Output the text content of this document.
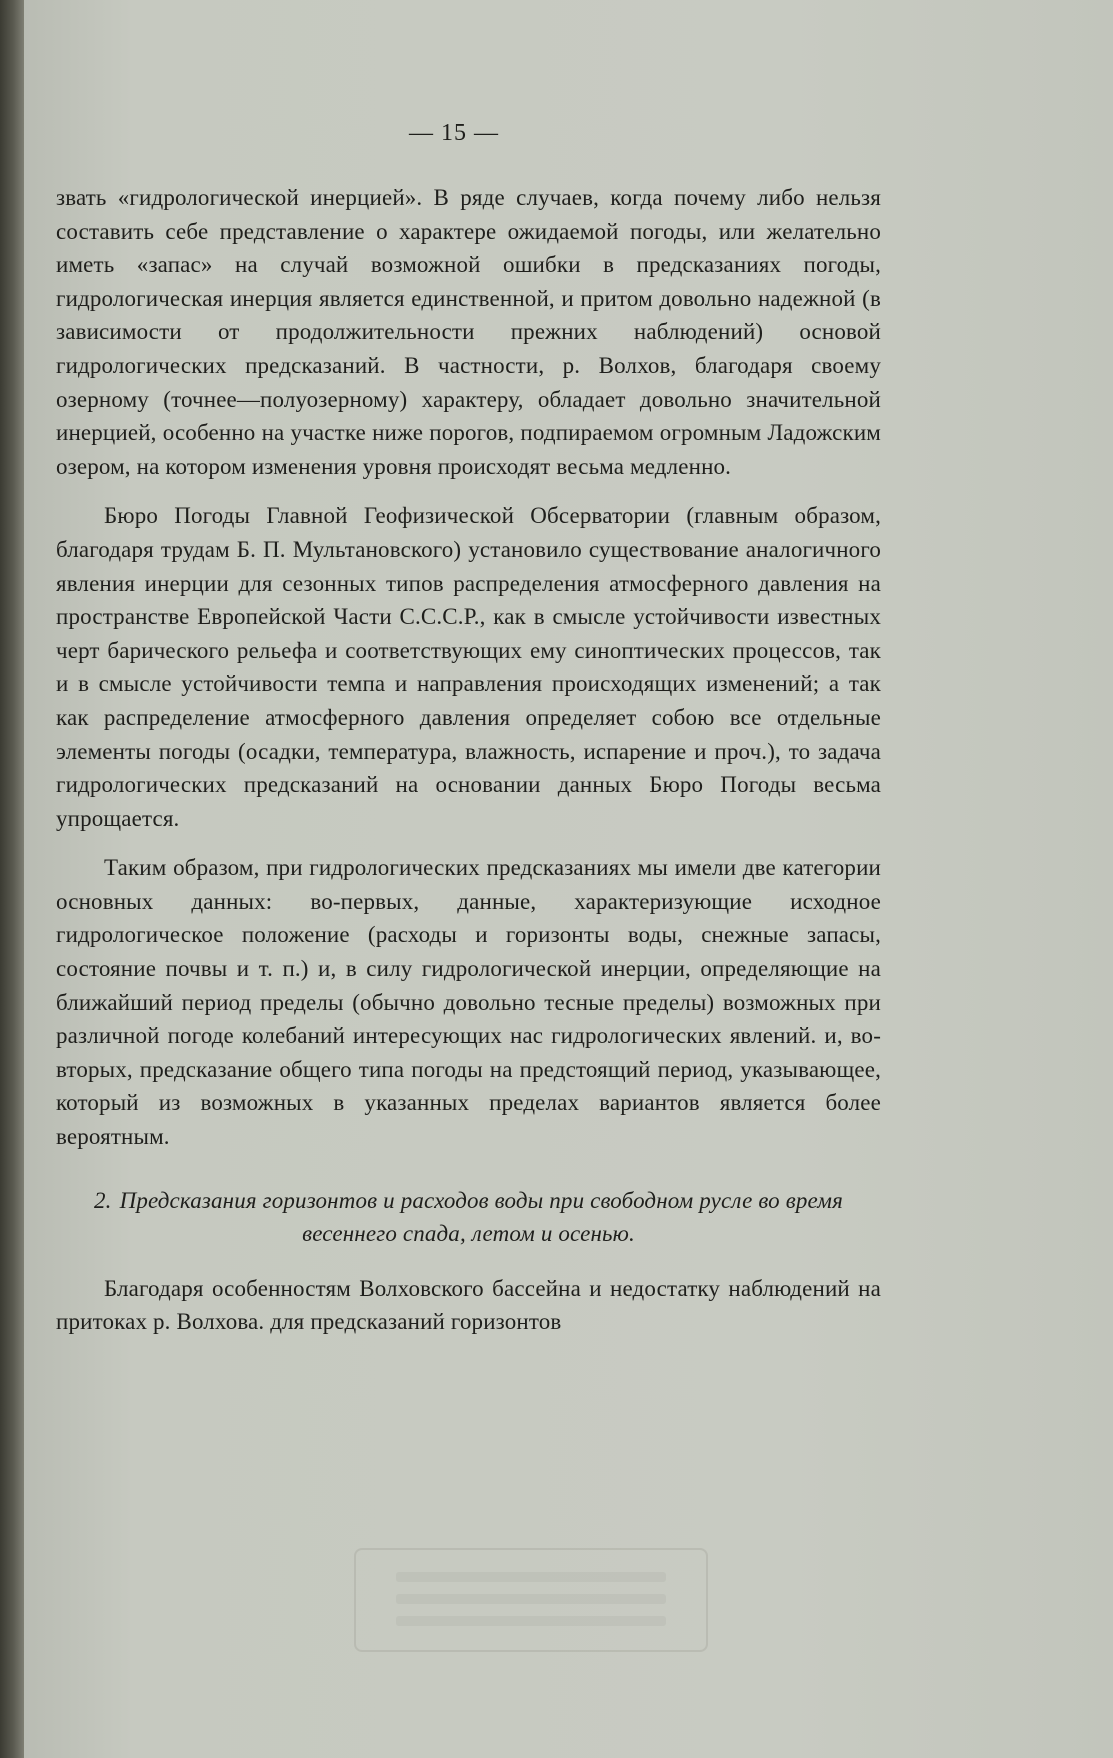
— 15 —

звать «гидрологической инерцией». В ряде случаев, когда почему либо нельзя составить себе представление о характере ожидаемой погоды, или желательно иметь «запас» на случай возможной ошибки в предсказаниях погоды, гидрологическая инерция является единственной, и притом довольно надежной (в зависимости от продолжительности прежних наблюдений) основой гидрологических предсказаний. В частности, р. Волхов, благодаря своему озерному (точнее—полуозерному) характеру, обладает довольно значительной инерцией, особенно на участке ниже порогов, подпираемом огромным Ладожским озером, на котором изменения уровня происходят весьма медленно.

Бюро Погоды Главной Геофизической Обсерватории (главным образом, благодаря трудам Б. П. Мультановского) установило существование аналогичного явления инерции для сезонных типов распределения атмосферного давления на пространстве Европейской Части С.С.С.Р., как в смысле устойчивости известных черт барического рельефа и соответствующих ему синоптических процессов, так и в смысле устойчивости темпа и направления происходящих изменений; а так как распределение атмосферного давления определяет собою все отдельные элементы погоды (осадки, температура, влажность, испарение и проч.), то задача гидрологических предсказаний на основании данных Бюро Погоды весьма упрощается.

Таким образом, при гидрологических предсказаниях мы имели две категории основных данных: во-первых, данные, характеризующие исходное гидрологическое положение (расходы и горизонты воды, снежные запасы, состояние почвы и т. п.) и, в силу гидрологической инерции, определяющие на ближайший период пределы (обычно довольно тесные пределы) возможных при различной погоде колебаний интересующих нас гидрологических явлений. и, во-вторых, предсказание общего типа погоды на предстоящий период, указывающее, который из возможных в указанных пределах вариантов является более вероятным.

2. Предсказания горизонтов и расходов воды при свободном русле во время весеннего спада, летом и осенью.

Благодаря особенностям Волховского бассейна и недостатку наблюдений на притоках р. Волхова. для предсказаний горизонтов
